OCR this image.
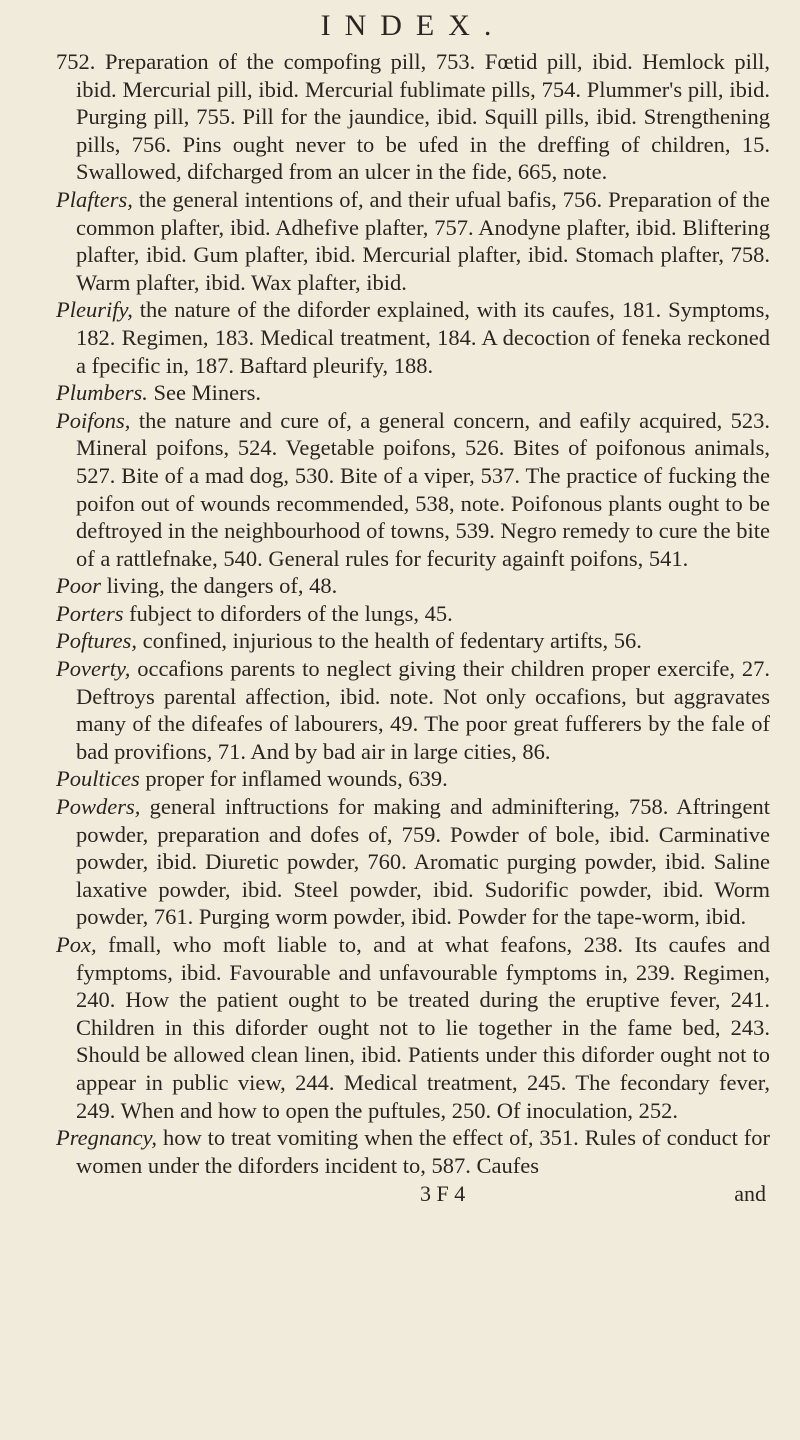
INDEX.

752. Preparation of the compofing pill, 753. Fœtid pill, ibid. Hemlock pill, ibid. Mercurial pill, ibid. Mercurial fublimate pills, 754. Plummer's pill, ibid. Purging pill, 755. Pill for the jaundice, ibid. Squill pills, ibid. Strengthening pills, 756. Pins ought never to be ufed in the dreffing of children, 15. Swallowed, difcharged from an ulcer in the fide, 665, note.

Plafters, the general intentions of, and their ufual bafis, 756. Preparation of the common plafter, ibid. Adhefive plafter, 757. Anodyne plafter, ibid. Bliftering plafter, ibid. Gum plafter, ibid. Mercurial plafter, ibid. Stomach plafter, 758. Warm plafter, ibid. Wax plafter, ibid.

Pleurify, the nature of the diforder explained, with its caufes, 181. Symptoms, 182. Regimen, 183. Medical treatment, 184. A decoction of feneka reckoned a fpecific in, 187. Baftard pleurify, 188.

Plumbers. See Miners.

Poifons, the nature and cure of, a general concern, and eafily acquired, 523. Mineral poifons, 524. Vegetable poifons, 526. Bites of poifonous animals, 527. Bite of a mad dog, 530. Bite of a viper, 537. The practice of fucking the poifon out of wounds recommended, 538, note. Poifonous plants ought to be deftroyed in the neighbourhood of towns, 539. Negro remedy to cure the bite of a rattlefnake, 540. General rules for fecurity againft poifons, 541.

Poor living, the dangers of, 48.

Porters fubject to diforders of the lungs, 45.

Poftures, confined, injurious to the health of fedentary artifts, 56.

Poverty, occafions parents to neglect giving their children proper exercife, 27. Deftroys parental affection, ibid. note. Not only occafions, but aggravates many of the difeafes of labourers, 49. The poor great fufferers by the fale of bad provifions, 71. And by bad air in large cities, 86.

Poultices proper for inflamed wounds, 639.

Powders, general inftructions for making and adminiftering, 758. Aftringent powder, preparation and dofes of, 759. Powder of bole, ibid. Carminative powder, ibid. Diuretic powder, 760. Aromatic purging powder, ibid. Saline laxative powder, ibid. Steel powder, ibid. Sudorific powder, ibid. Worm powder, 761. Purging worm powder, ibid. Powder for the tape-worm, ibid.

Pox, fmall, who moft liable to, and at what feafons, 238. Its caufes and fymptoms, ibid. Favourable and unfavourable fymptoms in, 239. Regimen, 240. How the patient ought to be treated during the eruptive fever, 241. Children in this diforder ought not to lie together in the fame bed, 243. Should be allowed clean linen, ibid. Patients under this diforder ought not to appear in public view, 244. Medical treatment, 245. The fecondary fever, 249. When and how to open the puftules, 250. Of inoculation, 252.

Pregnancy, how to treat vomiting when the effect of, 351. Rules of conduct for women under the diforders incident to, 587. Caufes

3 F 4	and
